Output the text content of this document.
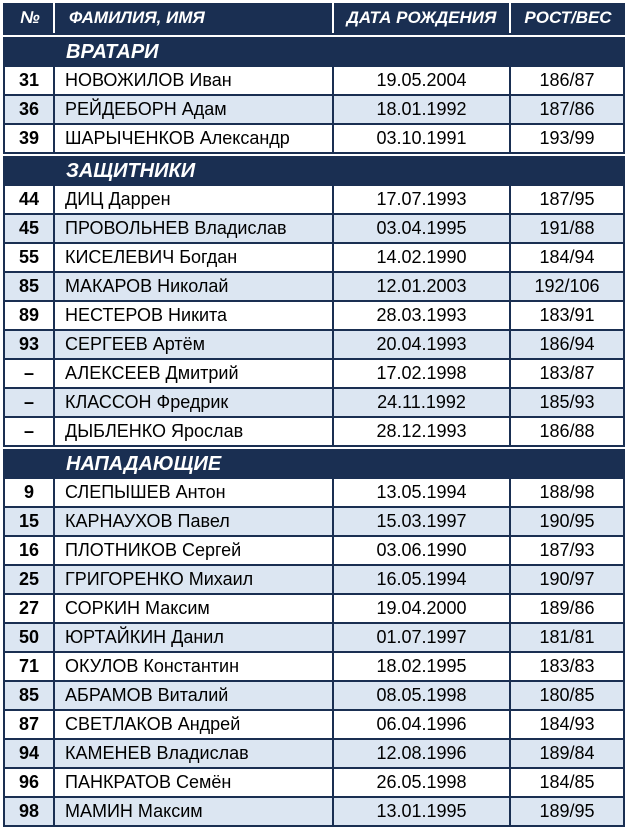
№	ФАМИЛИЯ, ИМЯ	ДАТА РОЖДЕНИЯ	РОСТ/ВЕС
ВРАТАРИ
31	НОВОЖИЛОВ Иван	19.05.2004	186/87
36	РЕЙДЕБОРН Адам	18.01.1992	187/86
39	ШАРЫЧЕНКОВ Александр	03.10.1991	193/99
ЗАЩИТНИКИ
44	ДИЦ Даррен	17.07.1993	187/95
45	ПРОВОЛЬНЕВ Владислав	03.04.1995	191/88
55	КИСЕЛЕВИЧ Богдан	14.02.1990	184/94
85	МАКАРОВ Николай	12.01.2003	192/106
89	НЕСТЕРОВ Никита	28.03.1993	183/91
93	СЕРГЕЕВ Артём	20.04.1993	186/94
–	АЛЕКСЕЕВ Дмитрий	17.02.1998	183/87
–	КЛАССОН Фредрик	24.11.1992	185/93
–	ДЫБЛЕНКО Ярослав	28.12.1993	186/88
НАПАДАЮЩИЕ
9	СЛЕПЫШЕВ Антон	13.05.1994	188/98
15	КАРНАУХОВ Павел	15.03.1997	190/95
16	ПЛОТНИКОВ Сергей	03.06.1990	187/93
25	ГРИГОРЕНКО Михаил	16.05.1994	190/97
27	СОРКИН Максим	19.04.2000	189/86
50	ЮРТАЙКИН Данил	01.07.1997	181/81
71	ОКУЛОВ Константин	18.02.1995	183/83
85	АБРАМОВ Виталий	08.05.1998	180/85
87	СВЕТЛАКОВ Андрей	06.04.1996	184/93
94	КАМЕНЕВ Владислав	12.08.1996	189/84
96	ПАНКРАТОВ Семён	26.05.1998	184/85
98	МАМИН Максим	13.01.1995	189/95
